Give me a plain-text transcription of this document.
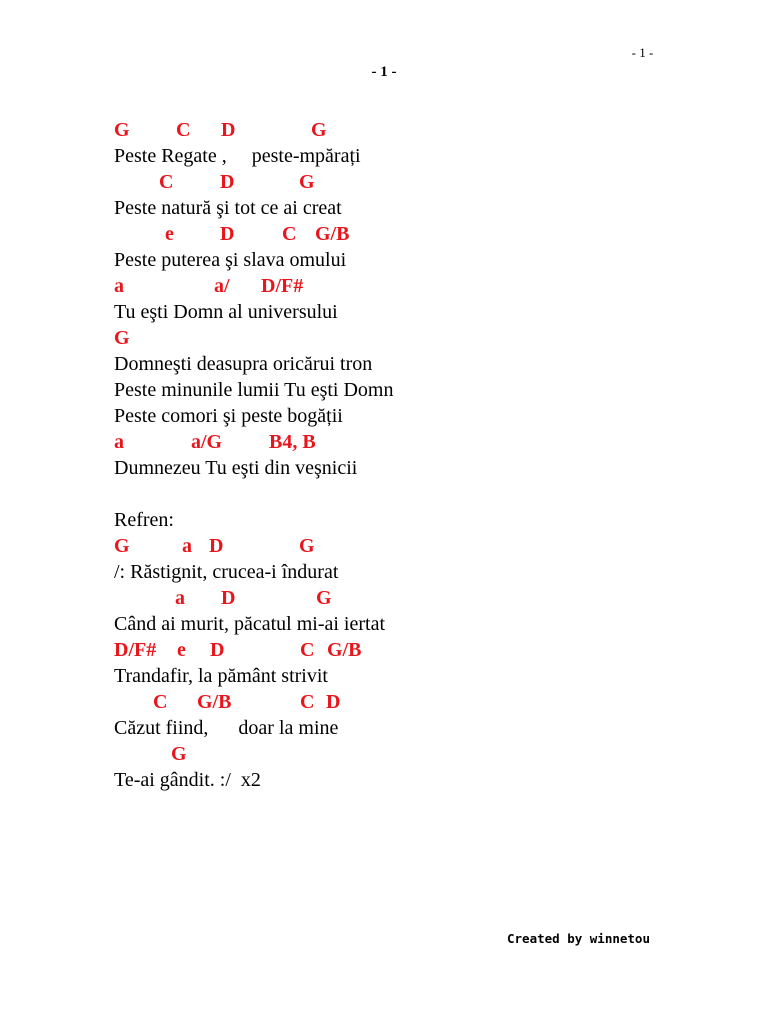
- 1 -
- 1 -
G C D	G
C D	G
e D C G/B
a	a/ D/F#
G
a	a/G B4, B
G	a D	G
a D	G
D/F# e D	C G/B
C G/B	C D
G
Peste Regate ,     peste-mpărați
Peste natură şi tot ce ai creat
Peste puterea şi slava omului
Tu eşti Domn al universului
Domneşti deasupra oricărui tron
Peste minunile lumii Tu eşti Domn
Peste comori şi peste bogății
Dumnezeu Tu eşti din veşnicii
Refren:
/: Răstignit, crucea-i îndurat
Când ai murit, păcatul mi-ai iertat
Trandafir, la pământ strivit
Căzut fiind,      doar la mine
Te-ai gândit. :/  x2
Created by winnetou
